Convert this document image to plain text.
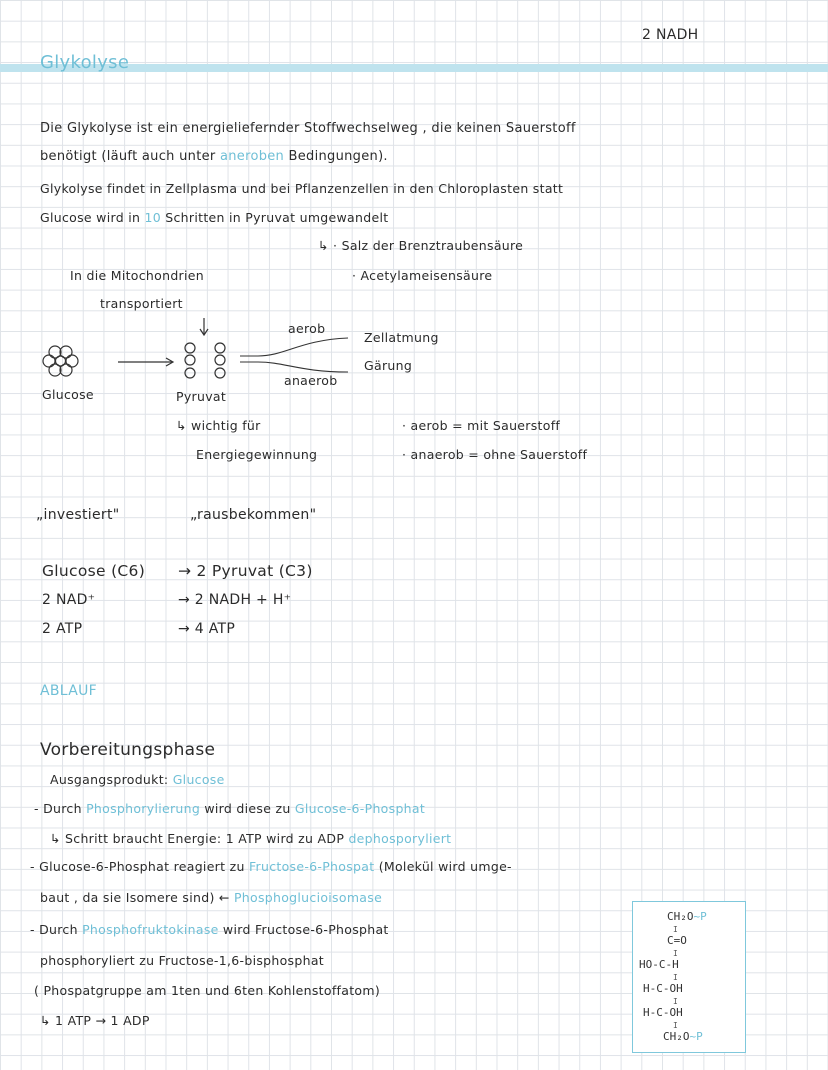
2 NADH
Glykolyse
Die Glykolyse ist ein energieliefernder Stoffwechselweg , die keinen Sauerstoff
benötigt (läuft auch unter aneroben Bedingungen).
Glykolyse findet in Zellplasma und bei Pflanzenzellen in den Chloroplasten statt
Glucose wird in 10 Schritten in Pyruvat umgewandelt
↳ · Salz der Brenztraubensäure
· Acetylameisensäure
In die Mitochondrien
transportiert
aerob
anaerob
Zellatmung
Gärung
Glucose	Pyruvat
↳ wichtig für
Energiegewinnung
· aerob = mit Sauerstoff
· anaerob = ohne Sauerstoff
„investiert"	„rausbekommen"
Glucose (C6) → 2 Pyruvat (C3)
2 NAD⁺	→ 2 NADH + H⁺
2 ATP	→ 4 ATP
ABLAUF
Vorbereitungsphase
Ausgangsprodukt: Glucose
- Durch Phosphorylierung wird diese zu Glucose-6-Phosphat
↳ Schritt braucht Energie: 1 ATP wird zu ADP dephosporyliert
- Glucose-6-Phosphat reagiert zu Fructose-6-Phospat (Molekül wird umge-
baut , da sie Isomere sind) ← Phosphoglucioisomase
- Durch Phosphofruktokinase wird Fructose-6-Phosphat
phosphoryliert zu Fructose-1,6-bisphosphat
( Phospatgruppe am 1ten und 6ten Kohlenstoffatom)
↳ 1 ATP → 1 ADP
CH₂O~P
I
C=O
I
HO-C-H
I
H-C-OH
I
H-C-OH
I
CH₂O~P
